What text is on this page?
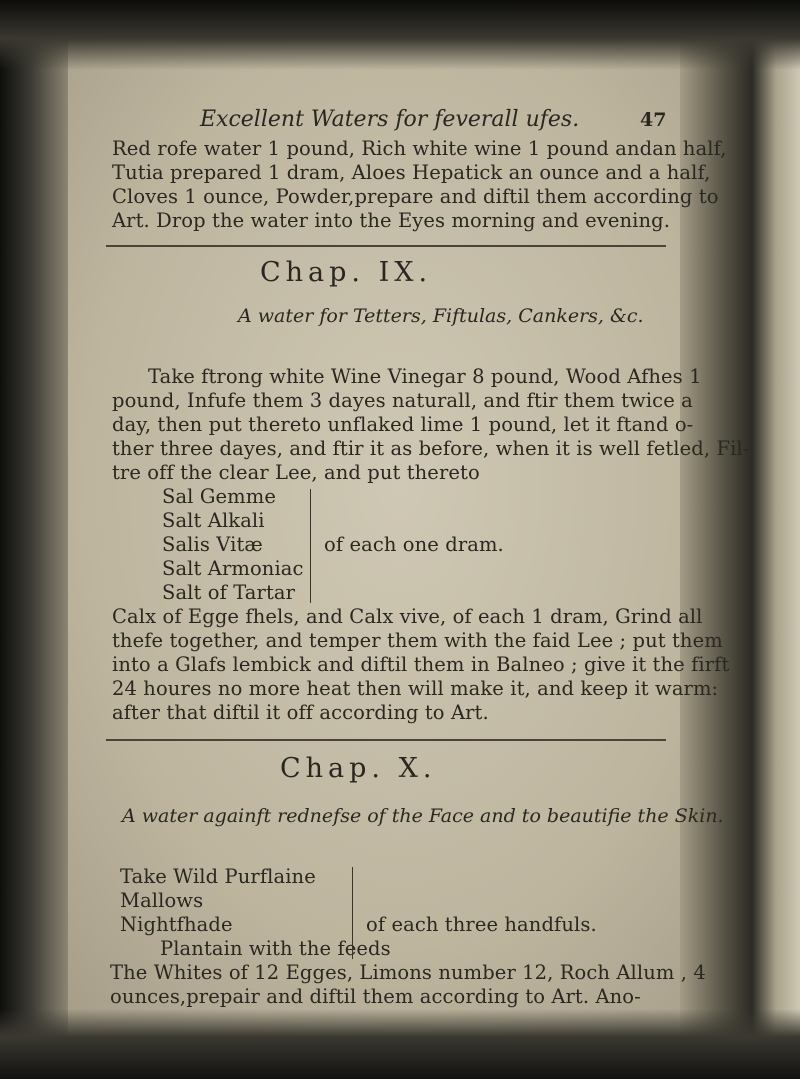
Excellent Waters for feverall ufes.	47
Red rofe water 1 pound, Rich white wine 1 pound andan half,
Tutia prepared 1 dram, Aloes Hepatick an ounce and a half,
Cloves 1 ounce, Powder,prepare and diftil them according to
Art. Drop the water into the Eyes morning and evening.
Chap. IX.
A water for Tetters, Fiftulas, Cankers, &c.
Take ftrong white Wine Vinegar 8 pound, Wood Afhes 1
pound, Infufe them 3 dayes naturall, and ftir them twice a
day, then put thereto unflaked lime 1 pound, let it ftand o-
ther three dayes, and ftir it as before, when it is well fetled, Fil-
tre off the clear Lee, and put thereto
Sal Gemme
Salt Alkali
Salis Vitæ
Salt Armoniac
Salt of Tartar
of each one dram.
Calx of Egge fhels, and Calx vive, of each 1 dram, Grind all
thefe together, and temper them with the faid Lee ; put them
into a Glafs lembick and diftil them in Balneo ; give it the firft
24 houres no more heat then will make it, and keep it warm:
after that diftil it off according to Art.
Chap. X.
A water againft rednefse of the Face and to beautifie the Skin.
Take Wild Purflaine
Mallows
Nightfhade
Plantain with the feeds
of each three handfuls.
The Whites of 12 Egges, Limons number 12, Roch Allum , 4
ounces,prepair and diftil them according to Art. Ano-
